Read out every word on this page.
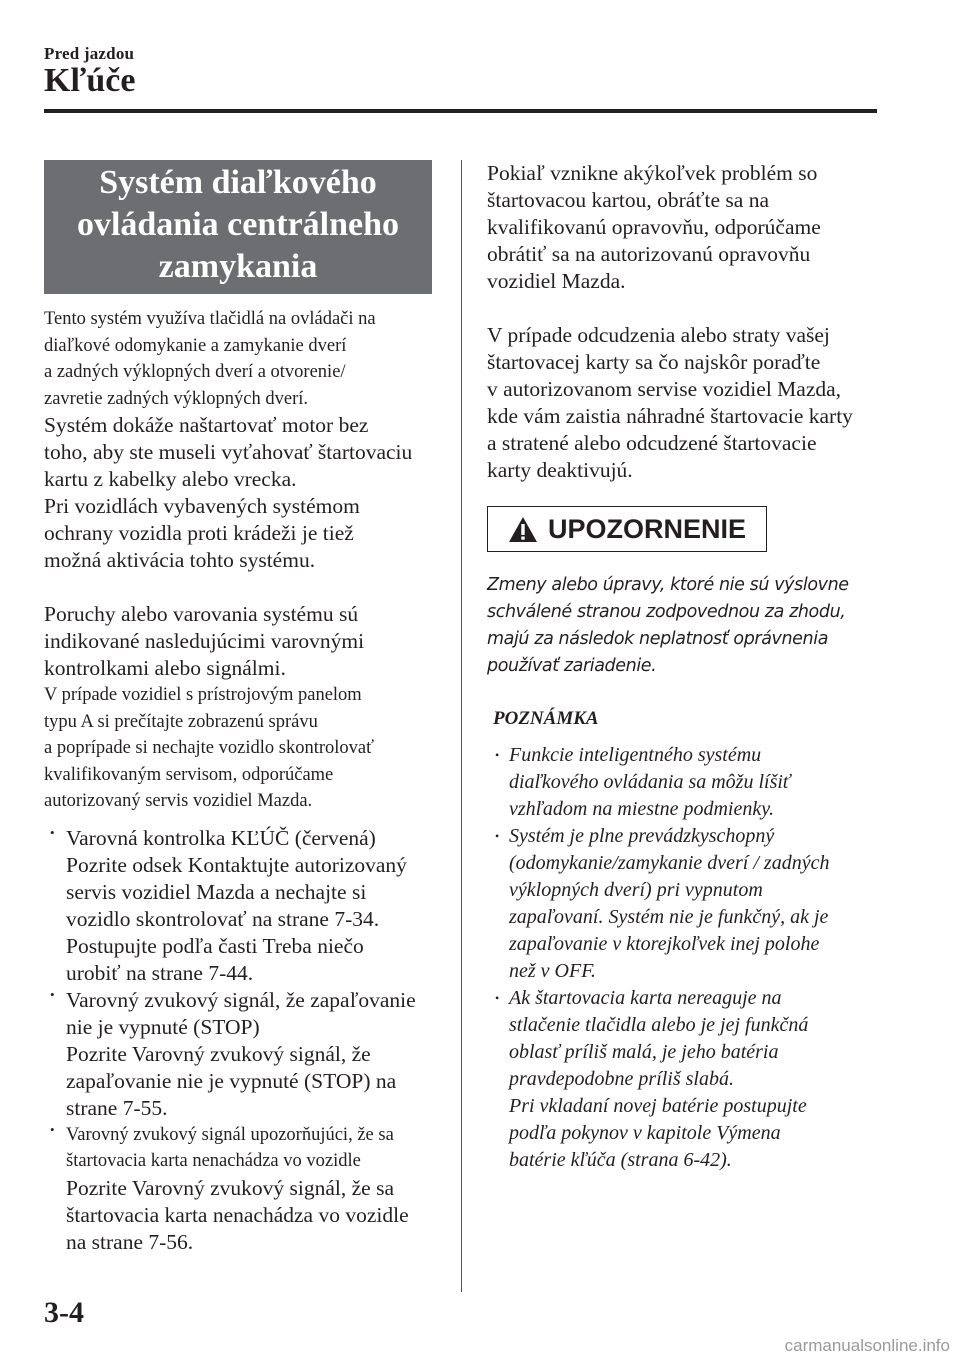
Pred jazdou
Kľúče
Systém diaľkového
ovládania centrálneho
zamykania
Tento systém využíva tlačidlá na ovládači na
diaľkové odomykanie a zamykanie dverí
a zadných výklopných dverí a otvorenie/
zavretie zadných výklopných dverí.
Systém dokáže naštartovať motor bez
toho, aby ste museli vyťahovať štartovaciu
kartu z kabelky alebo vrecka.
Pri vozidlách vybavených systémom
ochrany vozidla proti krádeži je tiež
možná aktivácia tohto systému.
Poruchy alebo varovania systému sú
indikované nasledujúcimi varovnými
kontrolkami alebo signálmi.
V prípade vozidiel s prístrojovým panelom
typu A si prečítajte zobrazenú správu
a poprípade si nechajte vozidlo skontrolovať
kvalifikovaným servisom, odporúčame
autorizovaný servis vozidiel Mazda.
• Varovná kontrolka KĽÚČ (červená)
Pozrite odsek Kontaktujte autorizovaný
servis vozidiel Mazda a nechajte si
vozidlo skontrolovať na strane 7-34.
Postupujte podľa časti Treba niečo
urobiť na strane 7-44.
• Varovný zvukový signál, že zapaľovanie
nie je vypnuté (STOP)
Pozrite Varovný zvukový signál, že
zapaľovanie nie je vypnuté (STOP) na
strane 7-55.
• Varovný zvukový signál upozorňujúci, že sa
štartovacia karta nenachádza vo vozidle
Pozrite Varovný zvukový signál, že sa
štartovacia karta nenachádza vo vozidle
na strane 7-56.
Pokiaľ vznikne akýkoľvek problém so
štartovacou kartou, obráťte sa na
kvalifikovanú opravovňu, odporúčame
obrátiť sa na autorizovanú opravovňu
vozidiel Mazda.
V prípade odcudzenia alebo straty vašej
štartovacej karty sa čo najskôr poraďte
v autorizovanom servise vozidiel Mazda,
kde vám zaistia náhradné štartovacie karty
a stratené alebo odcudzené štartovacie
karty deaktivujú.
UPOZORNENIE
Zmeny alebo úpravy, ktoré nie sú výslovne
schválené stranou zodpovednou za zhodu,
majú za následok neplatnosť oprávnenia
používať zariadenie.
POZNÁMKA
• Funkcie inteligentného systému
diaľkového ovládania sa môžu líšiť
vzhľadom na miestne podmienky.
• Systém je plne prevádzkyschopný
(odomykanie/zamykanie dverí / zadných
výklopných dverí) pri vypnutom
zapaľovaní. Systém nie je funkčný, ak je
zapaľovanie v ktorejkoľvek inej polohe
než v OFF.
• Ak štartovacia karta nereaguje na
stlačenie tlačidla alebo je jej funkčná
oblasť príliš malá, je jeho batéria
pravdepodobne príliš slabá.
Pri vkladaní novej batérie postupujte
podľa pokynov v kapitole Výmena
batérie kľúča (strana 6-42).
3-4
carmanualsonline.info
